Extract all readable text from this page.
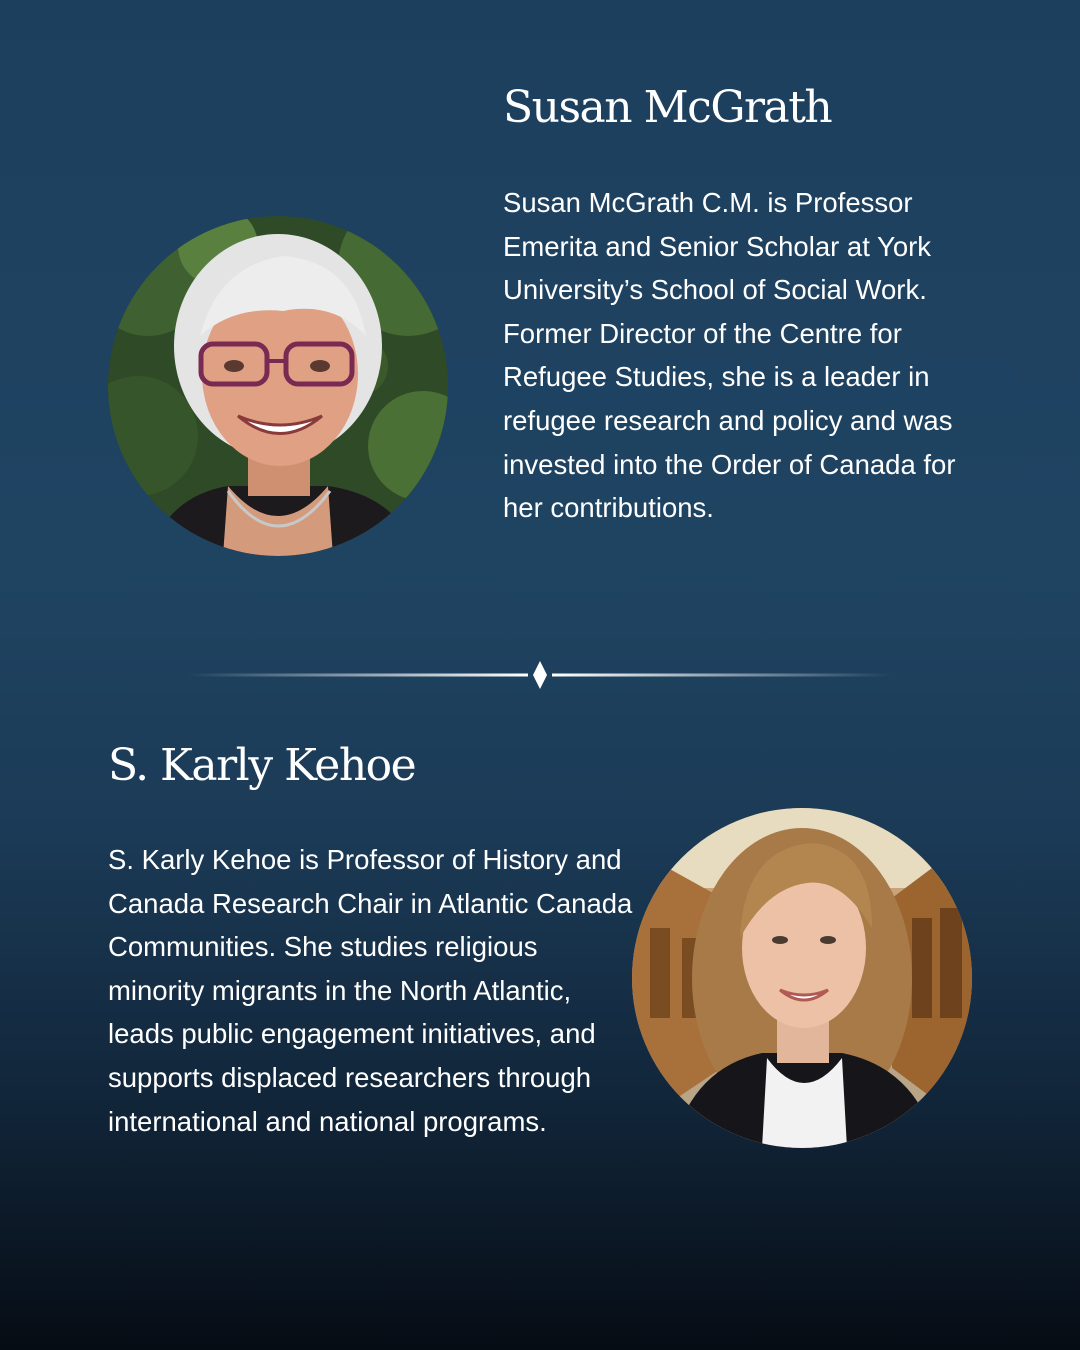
Susan McGrath

Susan McGrath C.M. is Professor Emerita and Senior Scholar at York University’s School of Social Work. Former Director of the Centre for Refugee Studies, she is a leader in refugee research and policy and was invested into the Order of Canada for her contributions.

S. Karly Kehoe

S. Karly Kehoe is Professor of History and Canada Research Chair in Atlantic Canada Communities. She studies religious minority migrants in the North Atlantic, leads public engagement initiatives, and supports displaced researchers through international and national programs.
